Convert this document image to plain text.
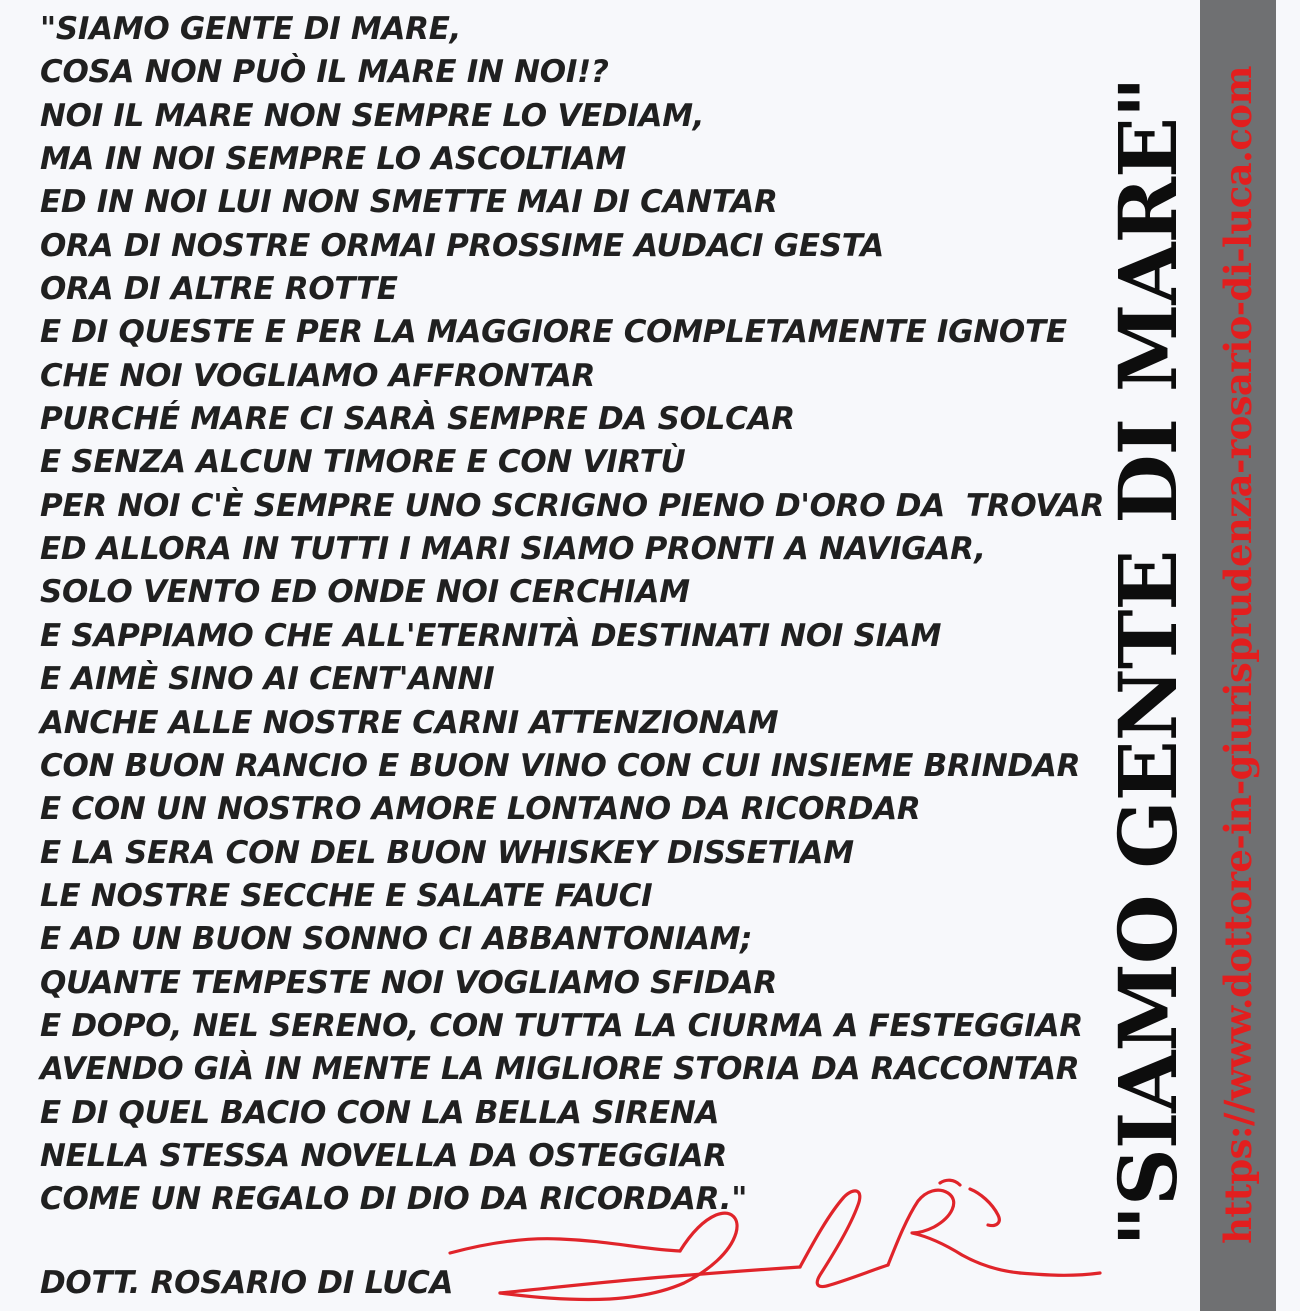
"SIAMO GENTE DI MARE,
COSA NON PUÒ IL MARE IN NOI!?
NOI IL MARE NON SEMPRE LO VEDIAM,
MA IN NOI SEMPRE LO ASCOLTIAM
ED IN NOI LUI NON SMETTE MAI DI CANTAR
ORA DI NOSTRE ORMAI PROSSIME AUDACI GESTA
ORA DI ALTRE ROTTE
E DI QUESTE E PER LA MAGGIORE COMPLETAMENTE IGNOTE
CHE NOI VOGLIAMO AFFRONTAR
PURCHÉ MARE CI SARÀ SEMPRE DA SOLCAR
E SENZA ALCUN TIMORE E CON VIRTÙ
PER NOI C'È SEMPRE UNO SCRIGNO PIENO D'ORO DA  TROVAR
ED ALLORA IN TUTTI I MARI SIAMO PRONTI A NAVIGAR,
SOLO VENTO ED ONDE NOI CERCHIAM
E SAPPIAMO CHE ALL'ETERNITÀ DESTINATI NOI SIAM
E AIMÈ SINO AI CENT'ANNI
ANCHE ALLE NOSTRE CARNI ATTENZIONAM
CON BUON RANCIO E BUON VINO CON CUI INSIEME BRINDAR
E CON UN NOSTRO AMORE LONTANO DA RICORDAR
E LA SERA CON DEL BUON WHISKEY DISSETIAM
LE NOSTRE SECCHE E SALATE FAUCI
E AD UN BUON SONNO CI ABBANTONIAM;
QUANTE TEMPESTE NOI VOGLIAMO SFIDAR
E DOPO, NEL SERENO, CON TUTTA LA CIURMA A FESTEGGIAR
AVENDO GIÀ IN MENTE LA MIGLIORE STORIA DA RACCONTAR
E DI QUEL BACIO CON LA BELLA SIRENA
NELLA STESSA NOVELLA DA OSTEGGIAR
COME UN REGALO DI DIO DA RICORDAR."
DOTT. ROSARIO DI LUCA
"SIAMO GENTE DI MARE" https://www.dottore-in-giurisprudenza-rosario-di-luca.com
